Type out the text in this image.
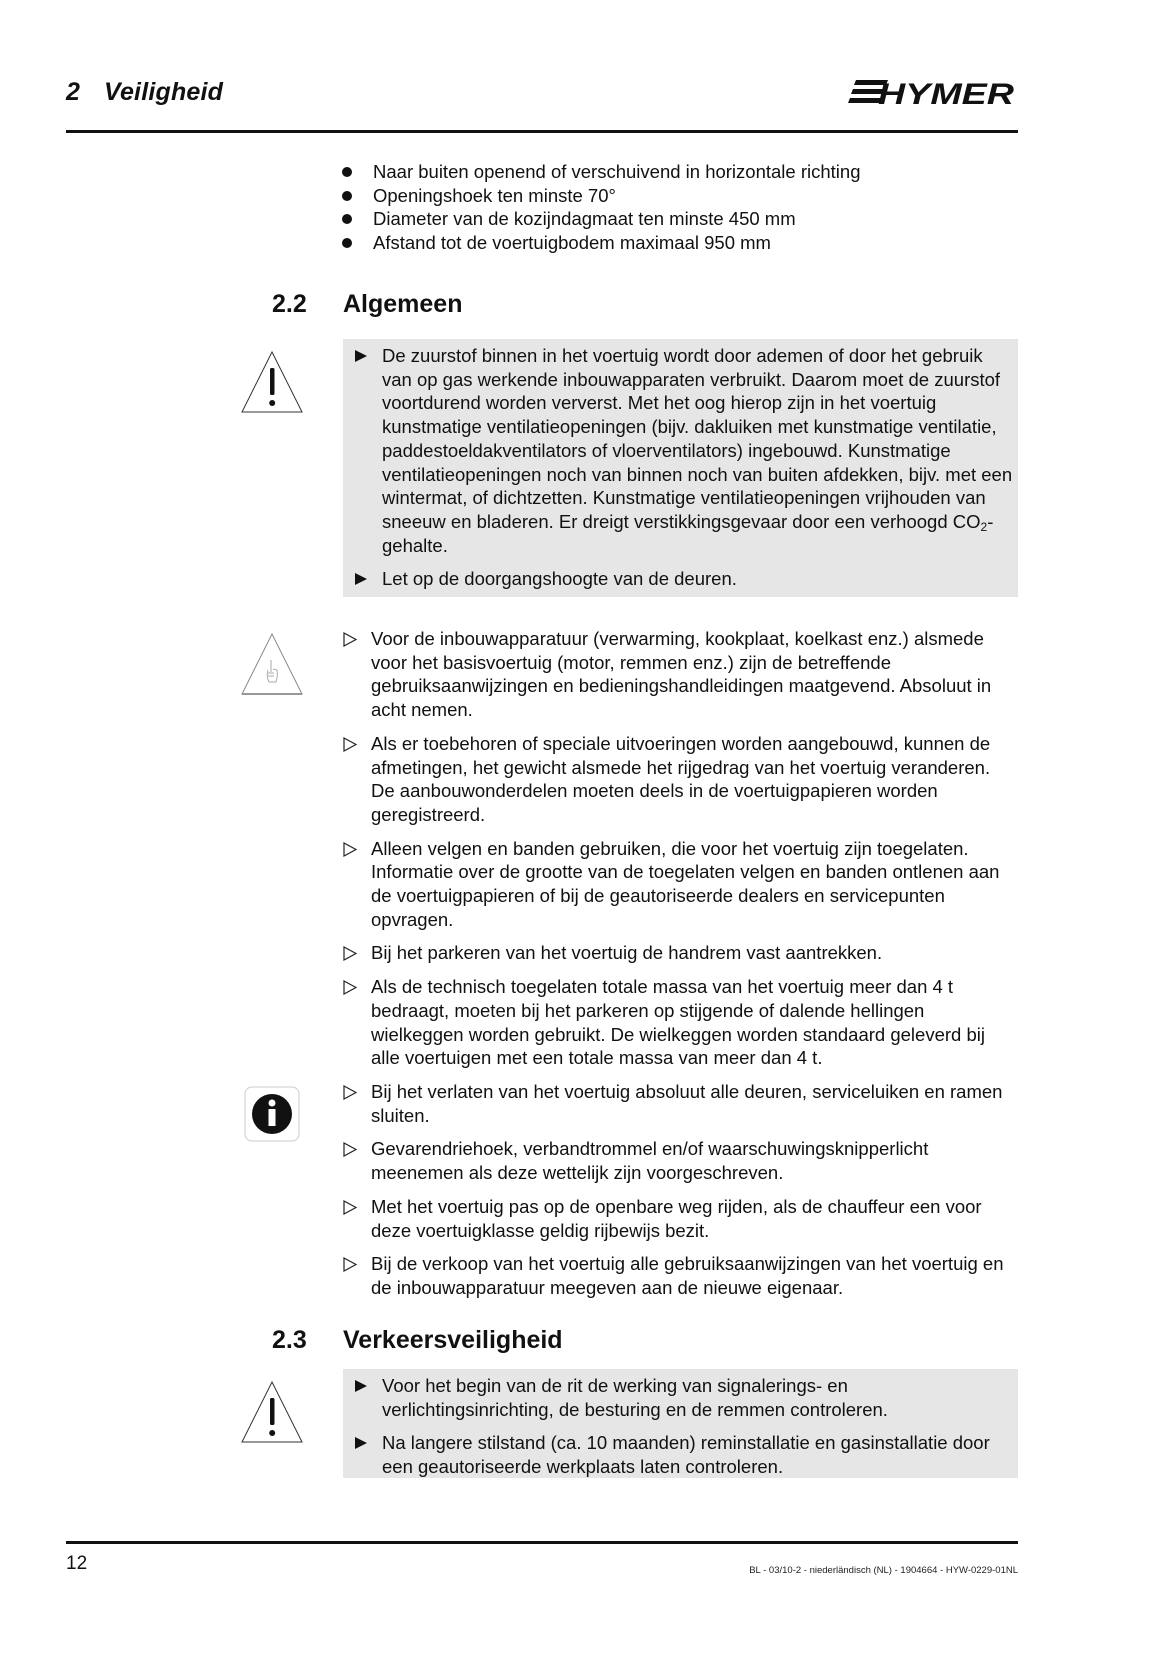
2 Veiligheid	HYMER
Naar buiten openend of verschuivend in horizontale richting
Openingshoek ten minste 70°
Diameter van de kozijndagmaat ten minste 450 mm
Afstand tot de voertuigbodem maximaal 950 mm
2.2 Algemeen
De zuurstof binnen in het voertuig wordt door ademen of door het gebruik van op gas werkende inbouwapparaten verbruikt. Daarom moet de zuurstof voortdurend worden ververst. Met het oog hierop zijn in het voertuig kunstmatige ventilatieopeningen (bijv. dakluiken met kunstmatige ventilatie, paddestoeldakventilators of vloerventilators) ingebouwd. Kunstmatige ventilatieopeningen noch van binnen noch van buiten afdekken, bijv. met een wintermat, of dichtzetten. Kunstmatige ventilatieopeningen vrijhouden van sneeuw en bladeren. Er dreigt verstikkingsgevaar door een verhoogd $CO_2$-gehalte.
Let op de doorgangshoogte van de deuren.
Voor de inbouwapparatuur (verwarming, kookplaat, koelkast enz.) alsmede voor het basisvoertuig (motor, remmen enz.) zijn de betreffende gebruiksaanwijzingen en bedieningshandleidingen maatgevend. Absoluut in acht nemen.
Als er toebehoren of speciale uitvoeringen worden aangebouwd, kunnen de afmetingen, het gewicht alsmede het rijgedrag van het voertuig veranderen. De aanbouwonderdelen moeten deels in de voertuigpapieren worden geregistreerd.
Alleen velgen en banden gebruiken, die voor het voertuig zijn toegelaten. Informatie over de grootte van de toegelaten velgen en banden ontlenen aan de voertuigpapieren of bij de geautoriseerde dealers en servicepunten opvragen.
Bij het parkeren van het voertuig de handrem vast aantrekken.
Als de technisch toegelaten totale massa van het voertuig meer dan 4 t bedraagt, moeten bij het parkeren op stijgende of dalende hellingen wielkeggen worden gebruikt. De wielkeggen worden standaard geleverd bij alle voertuigen met een totale massa van meer dan 4 t.
Bij het verlaten van het voertuig absoluut alle deuren, serviceluiken en ramen sluiten.
Gevarendriehoek, verbandtrommel en/of waarschuwingsknipperlicht meenemen als deze wettelijk zijn voorgeschreven.
Met het voertuig pas op de openbare weg rijden, als de chauffeur een voor deze voertuigklasse geldig rijbewijs bezit.
Bij de verkoop van het voertuig alle gebruiksaanwijzingen van het voertuig en de inbouwapparatuur meegeven aan de nieuwe eigenaar.
2.3 Verkeersveiligheid
Voor het begin van de rit de werking van signalerings- en verlichtingsinrichting, de besturing en de remmen controleren.
Na langere stilstand (ca. 10 maanden) reminstallatie en gasinstallatie door een geautoriseerde werkplaats laten controleren.
12	BL - 03/10-2 - niederländisch (NL) - 1904664 - HYW-0229-01NL
